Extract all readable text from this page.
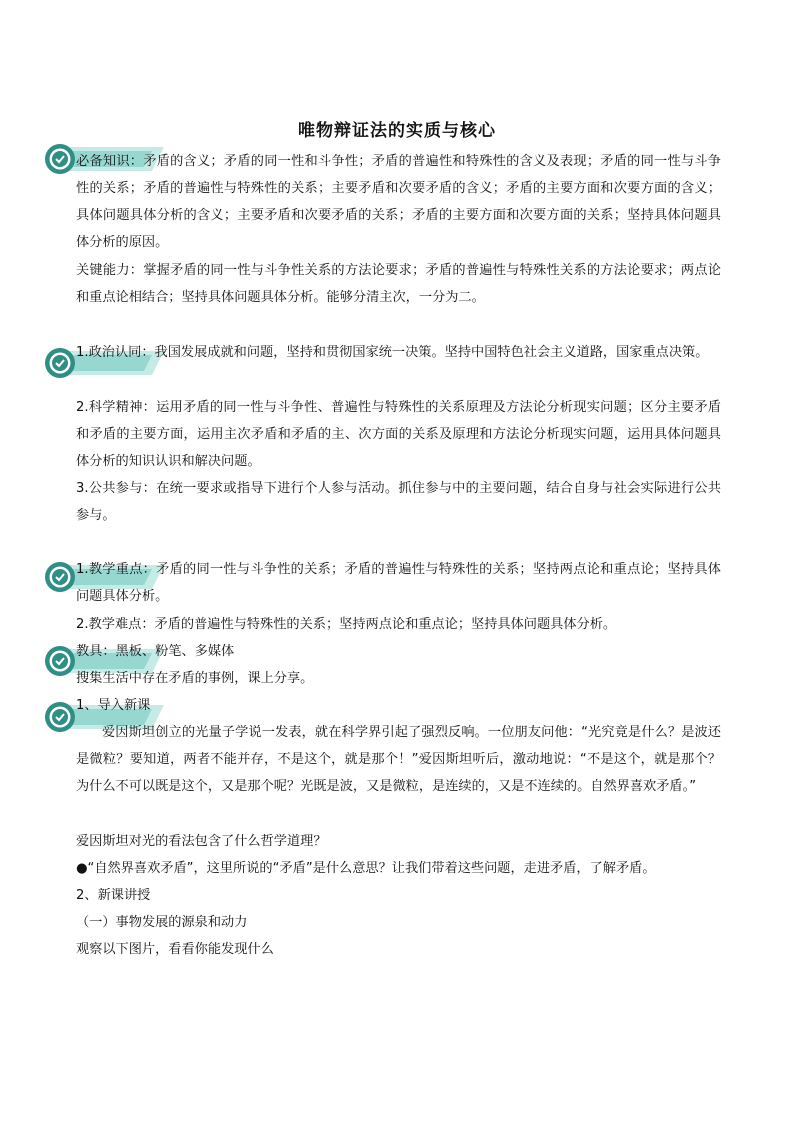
唯物辩证法的实质与核心

必备知识：矛盾的含义；矛盾的同一性和斗争性；矛盾的普遍性和特殊性的含义及表现；矛盾的同一性与斗争性的关系；矛盾的普遍性与特殊性的关系；主要矛盾和次要矛盾的含义；矛盾的主要方面和次要方面的含义；具体问题具体分析的含义；主要矛盾和次要矛盾的关系；矛盾的主要方面和次要方面的关系；坚持具体问题具体分析的原因。

关键能力：掌握矛盾的同一性与斗争性关系的方法论要求；矛盾的普遍性与特殊性关系的方法论要求；两点论和重点论相结合；坚持具体问题具体分析。能够分清主次，一分为二。

1.政治认同：我国发展成就和问题，坚持和贯彻国家统一决策。坚持中国特色社会主义道路，国家重点决策。

2.科学精神：运用矛盾的同一性与斗争性、普遍性与特殊性的关系原理及方法论分析现实问题；区分主要矛盾和矛盾的主要方面，运用主次矛盾和矛盾的主、次方面的关系及原理和方法论分析现实问题，运用具体问题具体分析的知识认识和解决问题。

3.公共参与：在统一要求或指导下进行个人参与活动。抓住参与中的主要问题，结合自身与社会实际进行公共参与。

1.教学重点：矛盾的同一性与斗争性的关系；矛盾的普遍性与特殊性的关系；坚持两点论和重点论；坚持具体问题具体分析。

2.教学难点：矛盾的普遍性与特殊性的关系；坚持两点论和重点论；坚持具体问题具体分析。

教具：黑板、粉笔、多媒体

搜集生活中存在矛盾的事例，课上分享。

1、导入新课

爱因斯坦创立的光量子学说一发表，就在科学界引起了强烈反响。一位朋友问他：“光究竟是什么？是波还是微粒？要知道，两者不能并存，不是这个，就是那个！”爱因斯坦听后，激动地说：“不是这个，就是那个？为什么不可以既是这个，又是那个呢？光既是波，又是微粒，是连续的，又是不连续的。自然界喜欢矛盾。”

爱因斯坦对光的看法包含了什么哲学道理？

●“自然界喜欢矛盾”，这里所说的“矛盾”是什么意思？让我们带着这些问题，走进矛盾，了解矛盾。

2、新课讲授

（一）事物发展的源泉和动力

观察以下图片，看看你能发现什么
